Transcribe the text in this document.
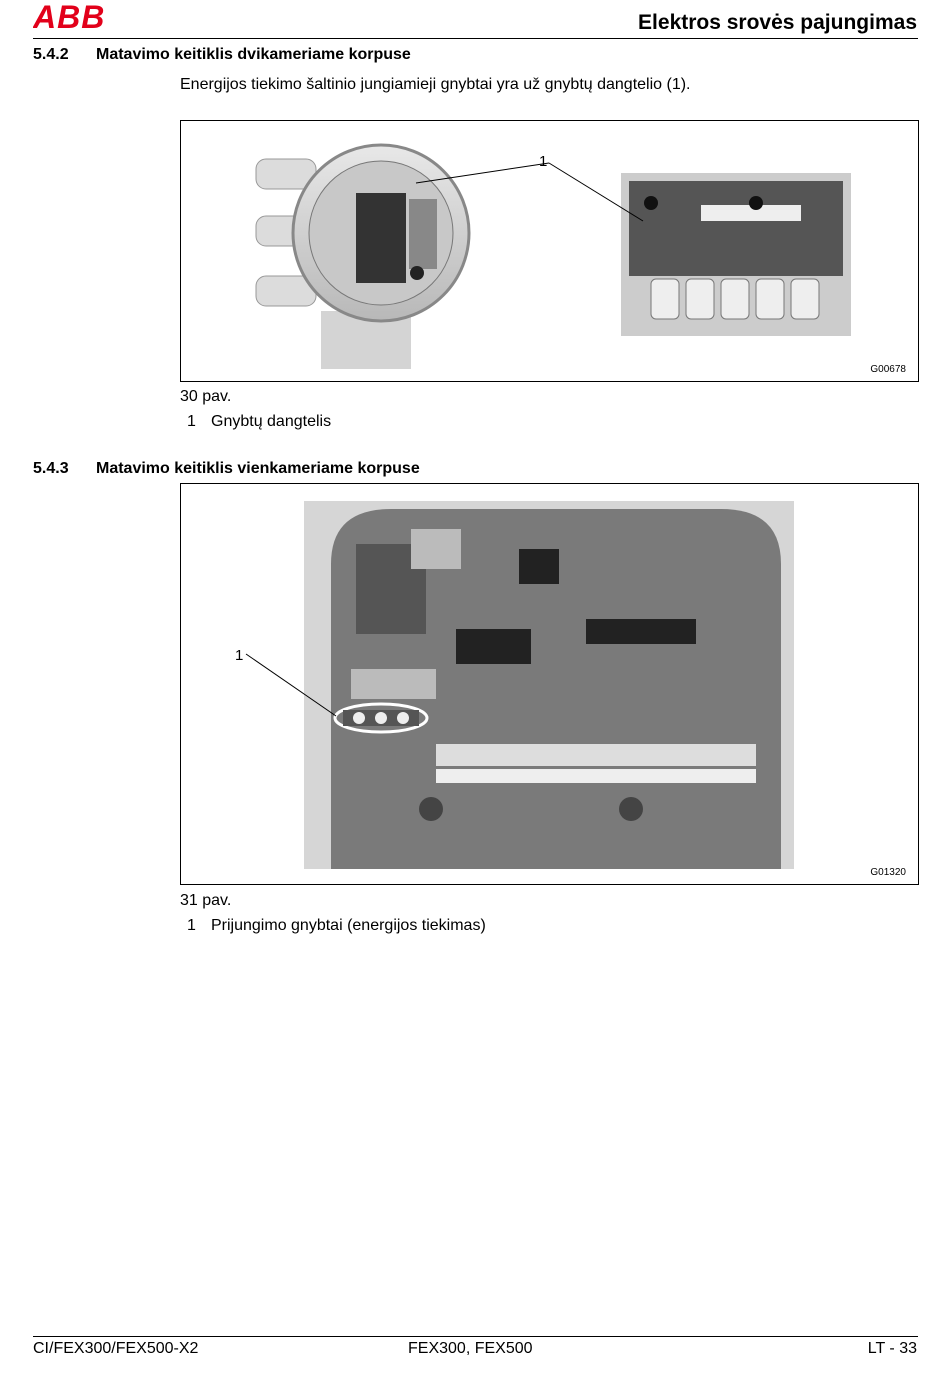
ABB	Elektros srovės pajungimas
5.4.2 Matavimo keitiklis dvikameriame korpuse
Energijos tiekimo šaltinio jungiamieji gnybtai yra už gnybtų dangtelio (1).
1
G00678
30 pav.
1 Gnybtų dangtelis
5.4.3 Matavimo keitiklis vienkameriame korpuse
1
G01320
31 pav.
1 Prijungimo gnybtai (energijos tiekimas)
CI/FEX300/FEX500-X2	FEX300, FEX500	LT - 33
